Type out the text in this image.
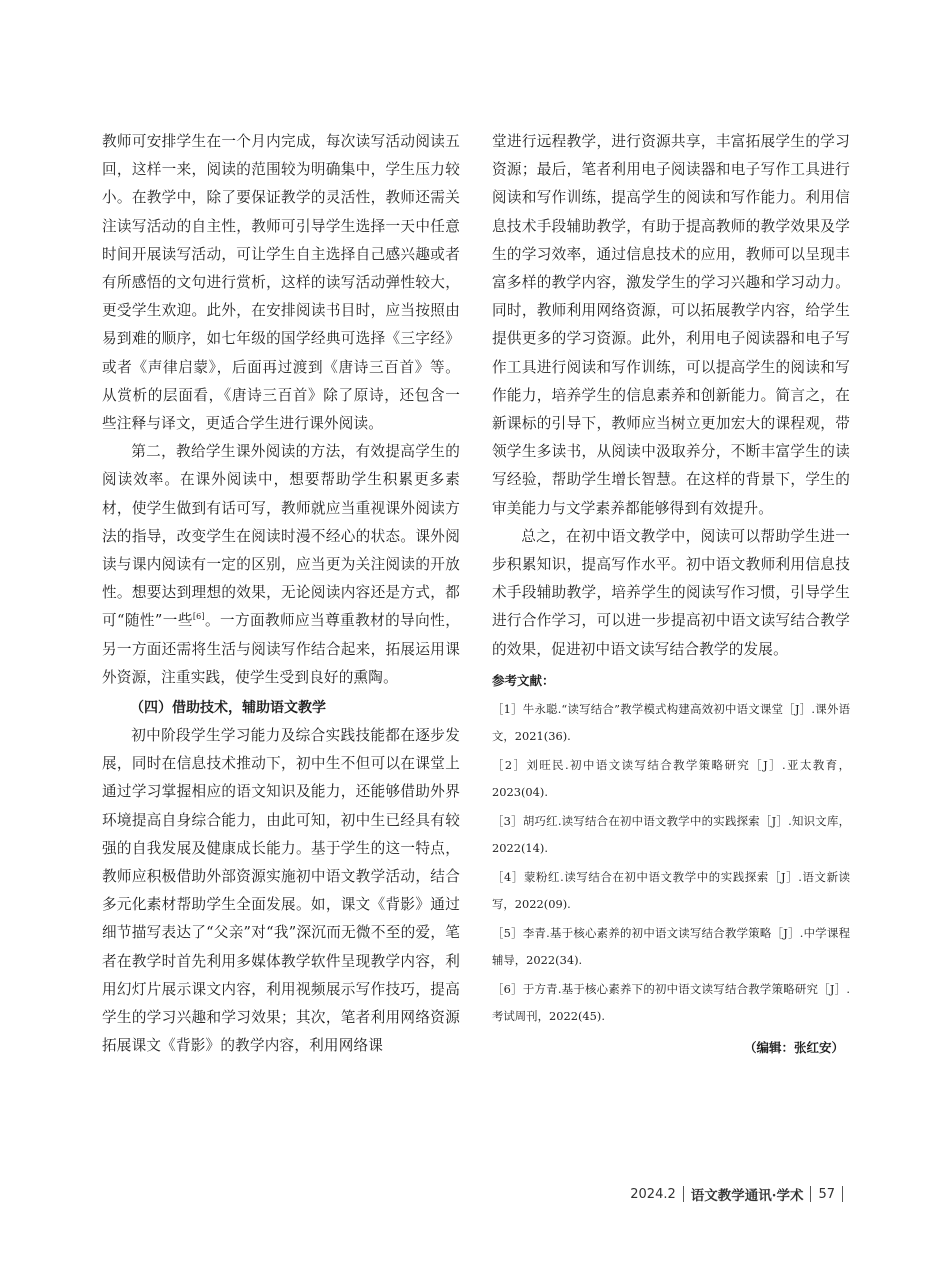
教师可安排学生在一个月内完成，每次读写活动阅读五回，这样一来，阅读的范围较为明确集中，学生压力较小。在教学中，除了要保证教学的灵活性，教师还需关注读写活动的自主性，教师可引导学生选择一天中任意时间开展读写活动，可让学生自主选择自己感兴趣或者有所感悟的文句进行赏析，这样的读写活动弹性较大，更受学生欢迎。此外，在安排阅读书目时，应当按照由易到难的顺序，如七年级的国学经典可选择《三字经》或者《声律启蒙》，后面再过渡到《唐诗三百首》等。从赏析的层面看，《唐诗三百首》除了原诗，还包含一些注释与译文，更适合学生进行课外阅读。

第二，教给学生课外阅读的方法，有效提高学生的阅读效率。在课外阅读中，想要帮助学生积累更多素材，使学生做到有话可写，教师就应当重视课外阅读方法的指导，改变学生在阅读时漫不经心的状态。课外阅读与课内阅读有一定的区别，应当更为关注阅读的开放性。想要达到理想的效果，无论阅读内容还是方式，都可“随性”一些[6]。一方面教师应当尊重教材的导向性，另一方面还需将生活与阅读写作结合起来，拓展运用课外资源，注重实践，使学生受到良好的熏陶。

（四）借助技术，辅助语文教学

初中阶段学生学习能力及综合实践技能都在逐步发展，同时在信息技术推动下，初中生不但可以在课堂上通过学习掌握相应的语文知识及能力，还能够借助外界环境提高自身综合能力，由此可知，初中生已经具有较强的自我发展及健康成长能力。基于学生的这一特点，教师应积极借助外部资源实施初中语文教学活动，结合多元化素材帮助学生全面发展。如，课文《背影》通过细节描写表达了“父亲”对“我”深沉而无微不至的爱，笔者在教学时首先利用多媒体教学软件呈现教学内容，利用幻灯片展示课文内容，利用视频展示写作技巧，提高学生的学习兴趣和学习效果；其次，笔者利用网络资源拓展课文《背影》的教学内容，利用网络课

堂进行远程教学，进行资源共享，丰富拓展学生的学习资源；最后，笔者利用电子阅读器和电子写作工具进行阅读和写作训练，提高学生的阅读和写作能力。利用信息技术手段辅助教学，有助于提高教师的教学效果及学生的学习效率，通过信息技术的应用，教师可以呈现丰富多样的教学内容，激发学生的学习兴趣和学习动力。同时，教师利用网络资源，可以拓展教学内容，给学生提供更多的学习资源。此外，利用电子阅读器和电子写作工具进行阅读和写作训练，可以提高学生的阅读和写作能力，培养学生的信息素养和创新能力。简言之，在新课标的引导下，教师应当树立更加宏大的课程观，带领学生多读书，从阅读中汲取养分，不断丰富学生的读写经验，帮助学生增长智慧。在这样的背景下，学生的审美能力与文学素养都能够得到有效提升。

总之，在初中语文教学中，阅读可以帮助学生进一步积累知识，提高写作水平。初中语文教师利用信息技术手段辅助教学，培养学生的阅读写作习惯，引导学生进行合作学习，可以进一步提高初中语文读写结合教学的效果，促进初中语文读写结合教学的发展。

参考文献：

［1］牛永聪.“读写结合”教学模式构建高效初中语文课堂［J］.课外语文，2021(36).

［2］刘旺民.初中语文读写结合教学策略研究［J］.亚太教育，2023(04).

［3］胡巧红.读写结合在初中语文教学中的实践探索［J］.知识文库，2022(14).

［4］蒙粉红.读写结合在初中语文教学中的实践探索［J］.语文新读写，2022(09).

［5］李青.基于核心素养的初中语文读写结合教学策略［J］.中学课程辅导，2022(34).

［6］于方青.基于核心素养下的初中语文读写结合教学策略研究［J］.考试周刊，2022(45).

（编辑：张红安）
2024.2 语文教学通讯·学术 57
